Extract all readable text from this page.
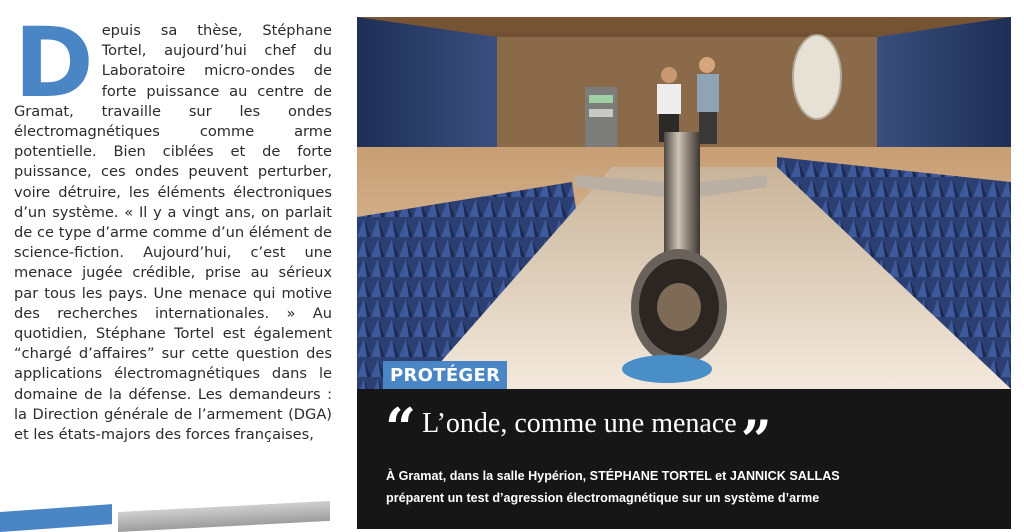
D epuis sa thèse, Stéphane Tortel, aujourd’hui chef du Laboratoire micro-ondes de forte puissance au centre de Gramat, travaille sur les ondes électromagnétiques comme arme potentielle. Bien ciblées et de forte puissance, ces ondes peuvent perturber, voire détruire, les éléments électroniques d’un système. « Il y a vingt ans, on parlait de ce type d’arme comme d’un élément de science-fiction. Aujourd’hui, c’est une menace jugée crédible, prise au sérieux par tous les pays. Une menace qui motive des recherches internationales. » Au quotidien, Stéphane Tortel est également “chargé d’affaires” sur cette question des applications électromagnétiques dans le domaine de la défense. Les demandeurs : la Direction générale de l’armement (DGA) et les états-majors des forces françaises,

PROTÉGER
“ L’onde, comme une menace ”
À Gramat, dans la salle Hypérion, STÉPHANE TORTEL et JANNICK SALLAS
préparent un test d’agression électromagnétique sur un système d’arme
